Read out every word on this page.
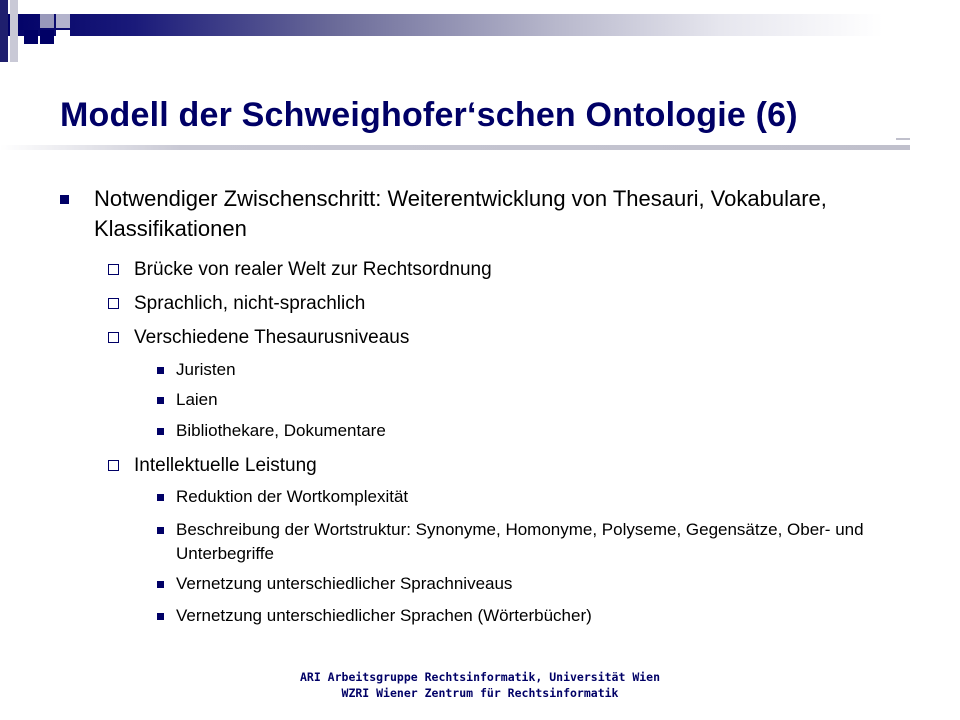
Modell der Schweighofer‘schen Ontologie (6)
Notwendiger Zwischenschritt: Weiterentwicklung von Thesauri, Vokabulare, Klassifikationen
Brücke von realer Welt zur Rechtsordnung
Sprachlich, nicht-sprachlich
Verschiedene Thesaurusniveaus
Juristen
Laien
Bibliothekare, Dokumentare
Intellektuelle Leistung
Reduktion der Wortkomplexität
Beschreibung der Wortstruktur: Synonyme, Homonyme, Polyseme, Gegensätze, Ober- und Unterbegriffe
Vernetzung unterschiedlicher Sprachniveaus
Vernetzung unterschiedlicher Sprachen (Wörterbücher)
ARI Arbeitsgruppe Rechtsinformatik, Universität Wien
WZRI Wiener Zentrum für Rechtsinformatik
